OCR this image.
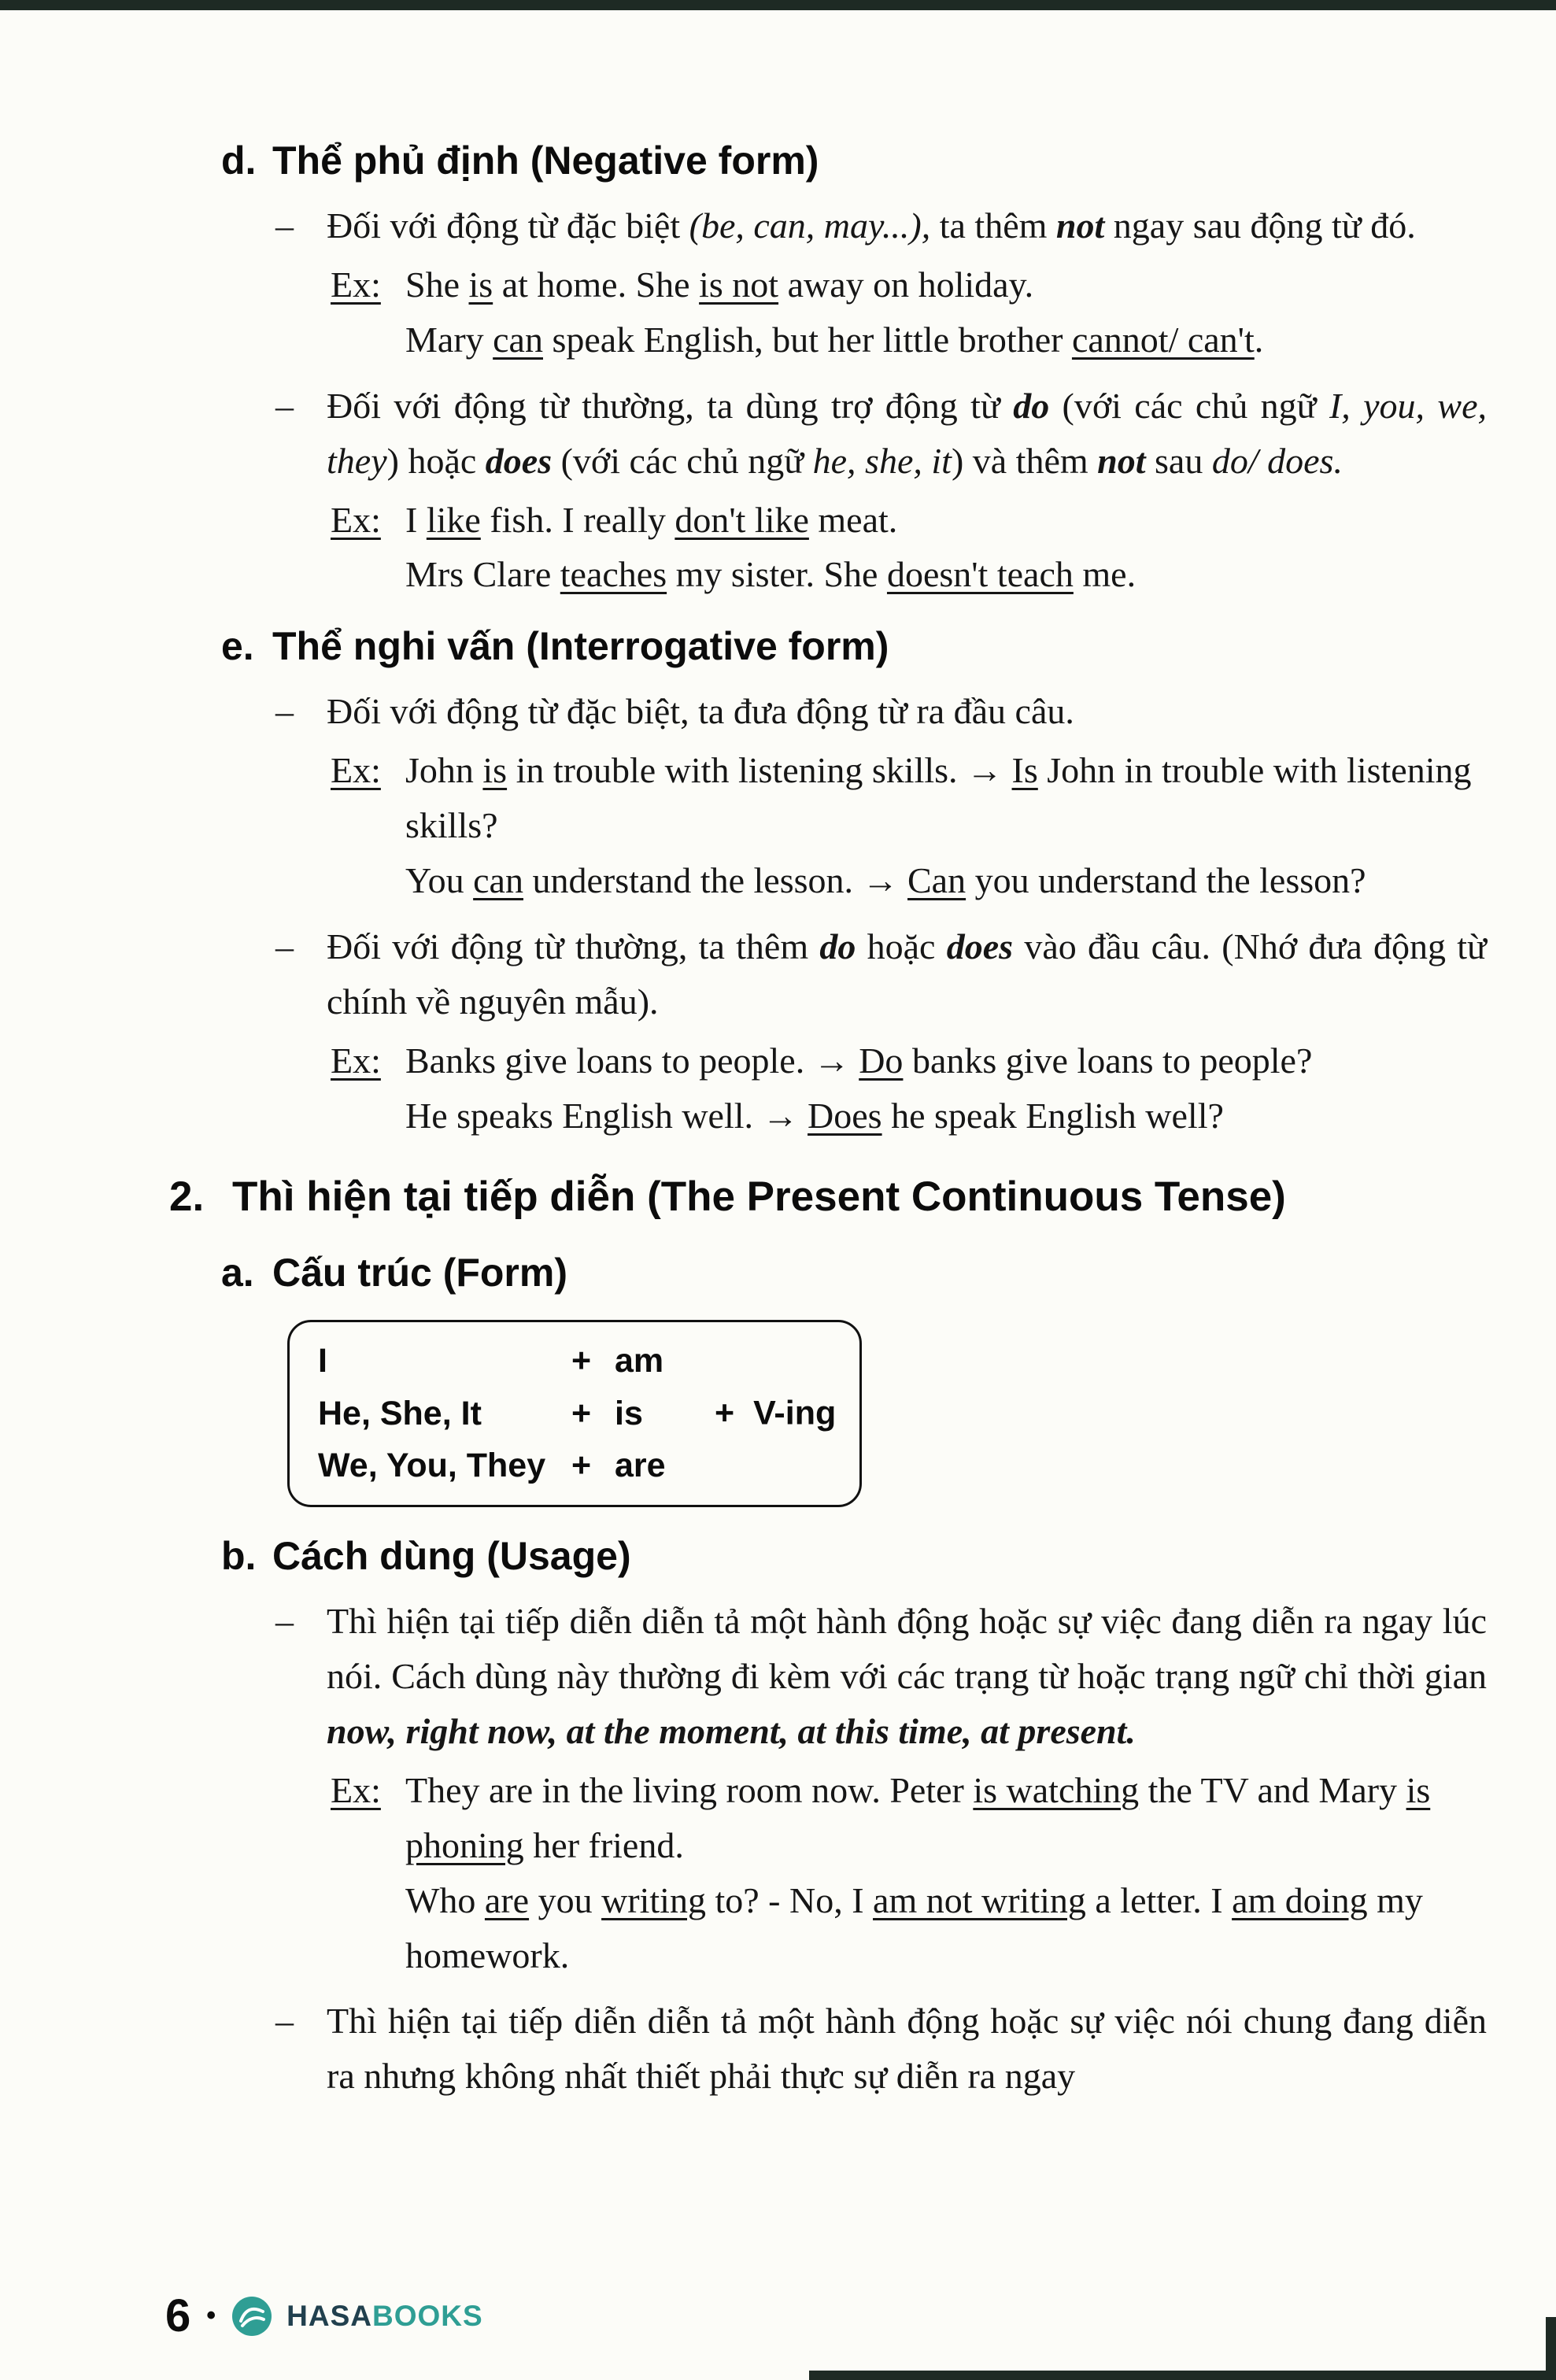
d. Thể phủ định (Negative form)
– Đối với động từ đặc biệt (be, can, may...), ta thêm not ngay sau động từ đó.
Ex: She is at home. She is not away on holiday.
Mary can speak English, but her little brother cannot/ can't.
– Đối với động từ thường, ta dùng trợ động từ do (với các chủ ngữ I, you, we, they) hoặc does (với các chủ ngữ he, she, it) và thêm not sau do/ does.
Ex: I like fish. I really don't like meat.
Mrs Clare teaches my sister. She doesn't teach me.
e. Thể nghi vấn (Interrogative form)
– Đối với động từ đặc biệt, ta đưa động từ ra đầu câu.
Ex: John is in trouble with listening skills. → Is John in trouble with listening skills?
You can understand the lesson. → Can you understand the lesson?
– Đối với động từ thường, ta thêm do hoặc does vào đầu câu. (Nhớ đưa động từ chính về nguyên mẫu).
Ex: Banks give loans to people. → Do banks give loans to people?
He speaks English well. → Does he speak English well?
2. Thì hiện tại tiếp diễn (The Present Continuous Tense)
a. Cấu trúc (Form)
I	+ am
He, She, It	+ is
We, You, They + are
+ V-ing
b. Cách dùng (Usage)
– Thì hiện tại tiếp diễn diễn tả một hành động hoặc sự việc đang diễn ra ngay lúc nói. Cách dùng này thường đi kèm với các trạng từ hoặc trạng ngữ chỉ thời gian now, right now, at the moment, at this time, at present.
Ex: They are in the living room now. Peter is watching the TV and Mary is phoning her friend.
Who are you writing to? - No, I am not writing a letter. I am doing my homework.
– Thì hiện tại tiếp diễn diễn tả một hành động hoặc sự việc nói chung đang diễn ra nhưng không nhất thiết phải thực sự diễn ra ngay
6 • HASA BOOKS
